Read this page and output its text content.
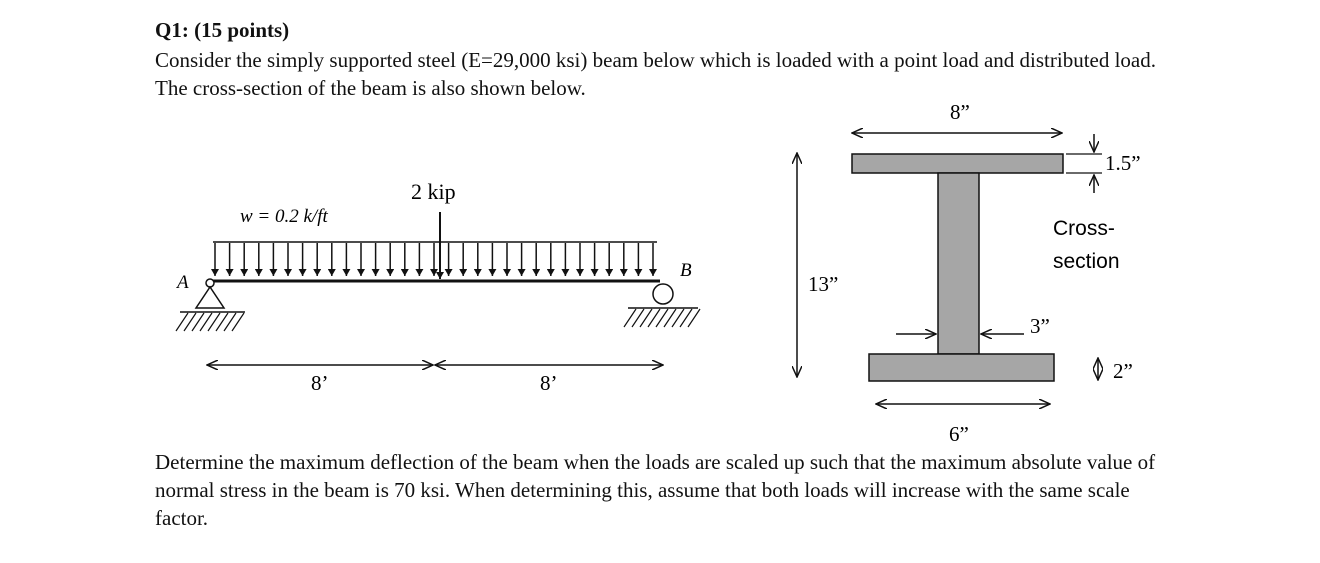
Q1: (15 points)
Consider the simply supported steel (E=29,000 ksi) beam below which is loaded with a point load and distributed load. The cross-section of the beam is also shown below.
w = 0.2 k/ft
2 kip
A
B
8’	8’
13”
8”
1.5”
Cross-
section
3”
2”
6”
Determine the maximum deflection of the beam when the loads are scaled up such that the maximum absolute value of normal stress in the beam is 70 ksi. When determining this, assume that both loads will increase with the same scale factor.
